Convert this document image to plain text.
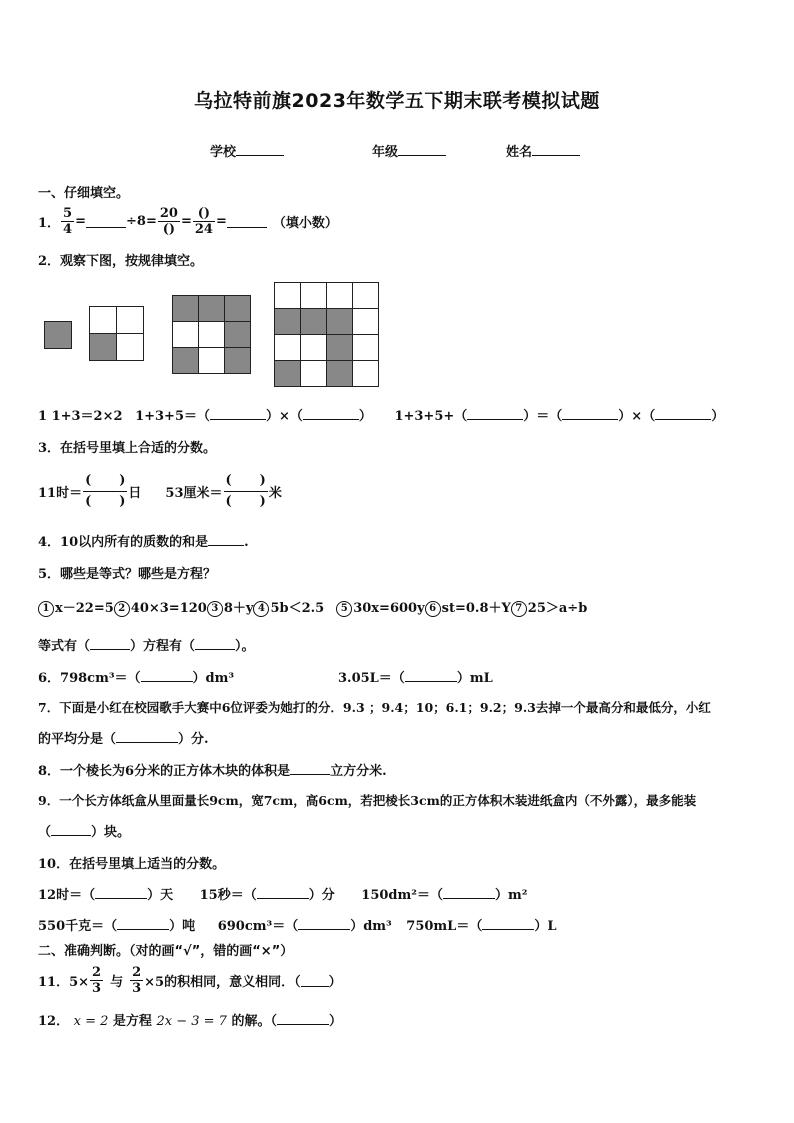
乌拉特前旗2023年数学五下期末联考模拟试题
学校	年级	姓名
一、仔细填空。
1． $\frac{5}{4}$ =	$\div 8= \frac{20}{()} = \frac{()}{24}$ =	（填小数）
2．观察下图，按规律填空。
1 1+3＝2×2 1+3+5＝（	）×（	） 1+3+5+（	）＝（	）×（	）
3．在括号里填上合适的分数。
11时＝ $\frac{( )}{( )}$ 日 53厘米＝ $\frac{( )}{( )}$ 米
4．10以内所有的质数的和是	.
5．哪些是等式？哪些是方程？
1 x－22=5 2 40×3=120 3 8＋y 4 5b＜2.5 5 30x=600y 6 st=0.8＋Y 7 25＞a÷b
等式有（	）方程有（	）。
6．798cm³＝（	）dm³	3.05L＝（	）mL
7．下面是小红在校园歌手大赛中6位评委为她打的分．9.3 ；9.4；10；6.1；9.2；9.3去掉一个最高分和最低分，小红
的平均分是（	）分.
8．一个棱长为6分米的正方体木块的体积是	立方分米.
9．一个长方体纸盒从里面量长9cm，宽7cm，高6cm，若把棱长3cm的正方体积木装进纸盒内（不外露），最多能装
（	）块。
10．在括号里填上适当的分数。
12时＝（	）天 15秒＝（	）分 150dm²＝（	）m²
550千克＝（	）吨 690cm³＝（	）dm³ 750mL＝（	）L
二、准确判断。（对的画“√”，错的画“×”）
11．$5\times \frac{2}{3}$ 与 $\frac{2}{3} \times 5$的积相同，意义相同．（ ）
12． x = 2 是方程 2x − 3 = 7 的解。（	）
